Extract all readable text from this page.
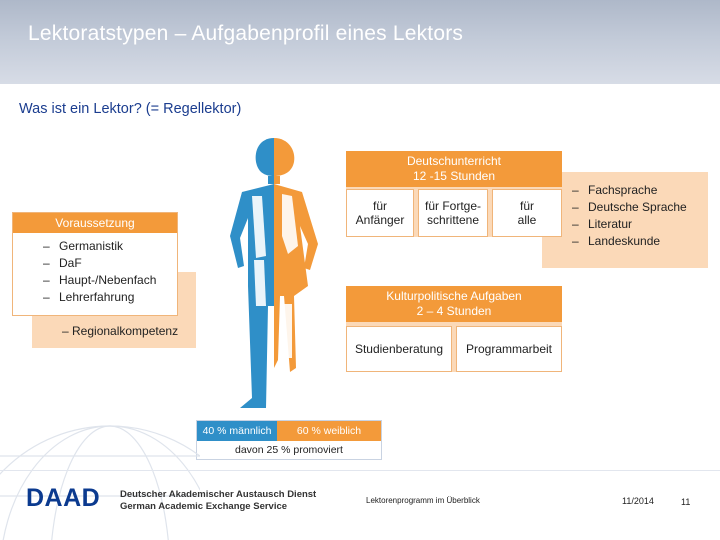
Lektoratstypen – Aufgabenprofil eines Lektors
Was ist ein Lektor? (= Regellektor)
– Regionalkompetenz
Voraussetzung
– Germanistik
– DaF
– Haupt-/Nebenfach
– Lehrerfahrung
– Fachsprache
– Deutsche Sprache
– Literatur
– Landeskunde
Deutschunterricht
12 -15 Stunden
für
Anfänger
für Fortge-
schrittene
für
alle
Kulturpolitische Aufgaben
2 – 4 Stunden
Studienberatung	Programmarbeit
40 % männlich	60 % weiblich
davon 25 % promoviert
DAAD Deutscher Akademischer Austausch Dienst
German Academic Exchange Service
Lektorenprogramm im Überblick	11/2014	11
